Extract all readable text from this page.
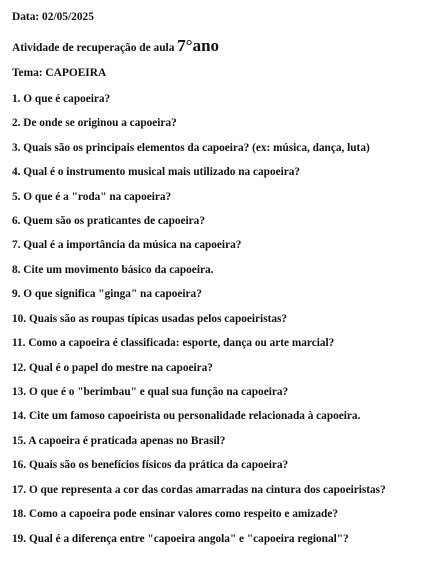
Data: 02/05/2025
Atividade de recuperação de aula 7°ano
Tema: CAPOEIRA
1. O que é capoeira?
2. De onde se originou a capoeira?
3. Quais são os principais elementos da capoeira? (ex: música, dança, luta)
4. Qual é o instrumento musical mais utilizado na capoeira?
5. O que é a "roda" na capoeira?
6. Quem são os praticantes de capoeira?
7. Qual é a importância da música na capoeira?
8. Cite um movimento básico da capoeira.
9. O que significa "ginga" na capoeira?
10. Quais são as roupas típicas usadas pelos capoeiristas?
11. Como a capoeira é classificada: esporte, dança ou arte marcial?
12. Qual é o papel do mestre na capoeira?
13. O que é o "berimbau" e qual sua função na capoeira?
14. Cite um famoso capoeirista ou personalidade relacionada à capoeira.
15. A capoeira é praticada apenas no Brasil?
16. Quais são os benefícios físicos da prática da capoeira?
17. O que representa a cor das cordas amarradas na cintura dos capoeiristas?
18. Como a capoeira pode ensinar valores como respeito e amizade?
19. Qual é a diferença entre "capoeira angola" e "capoeira regional"?
